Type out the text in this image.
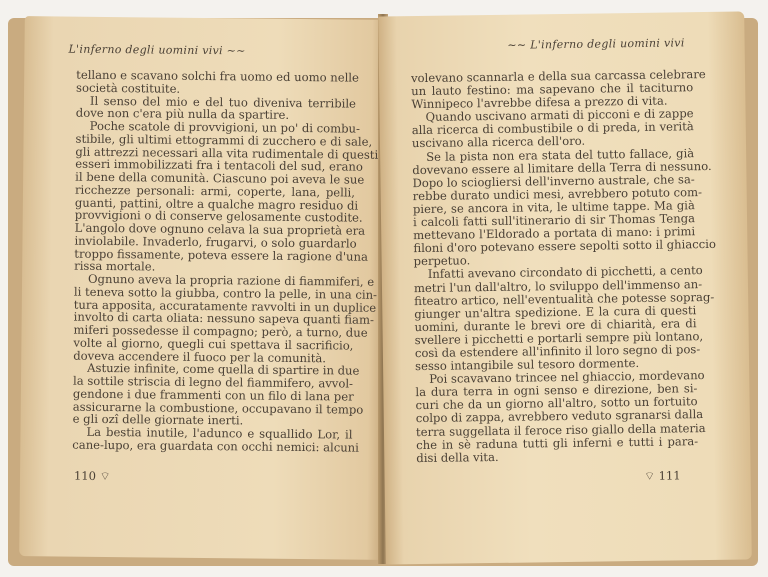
L'inferno degli uomini vivi ∼∼
tellano e scavano solchi fra uomo ed uomo nelle
società costituite.
Il senso del mio e del tuo diveniva terribile
dove non c'era più nulla da spartire.
Poche scatole di provvigioni, un po' di combu-
stibile, gli ultimi ettogrammi di zucchero e di sale,
gli attrezzi necessari alla vita rudimentale di questi
esseri immobilizzati fra i tentacoli del sud, erano
il bene della comunità. Ciascuno poi aveva le sue
ricchezze personali: armi, coperte, lana, pelli,
guanti, pattini, oltre a qualche magro residuo di
provvigioni o di conserve gelosamente custodite.
L'angolo dove ognuno celava la sua proprietà era
inviolabile. Invaderlo, frugarvi, o solo guardarlo
troppo fissamente, poteva essere la ragione d'una
rissa mortale.
Ognuno aveva la propria razione di fiammiferi, e
li teneva sotto la giubba, contro la pelle, in una cin-
tura apposita, accuratamente ravvolti in un duplice
involto di carta oliata: nessuno sapeva quanti fiam-
miferi possedesse il compagno; però, a turno, due
volte al giorno, quegli cui spettava il sacrificio,
doveva accendere il fuoco per la comunità.
Astuzie infinite, come quella di spartire in due
la sottile striscia di legno del fiammifero, avvol-
gendone i due frammenti con un filo di lana per
assicurarne la combustione, occupavano il tempo
e gli ozî delle giornate inerti.
La bestia inutile, l'adunco e squallido Lor, il
cane-lupo, era guardata con occhi nemici: alcuni
110 ⌔
∼∼ L'inferno degli uomini vivi
volevano scannarla e della sua carcassa celebrare
un lauto festino: ma sapevano che il taciturno
Winnipeco l'avrebbe difesa a prezzo di vita.
Quando uscivano armati di picconi e di zappe
alla ricerca di combustibile o di preda, in verità
uscivano alla ricerca dell'oro.
Se la pista non era stata del tutto fallace, già
dovevano essere al limitare della Terra di nessuno.
Dopo lo sciogliersi dell'inverno australe, che sa-
rebbe durato undici mesi, avrebbero potuto com-
piere, se ancora in vita, le ultime tappe. Ma già
i calcoli fatti sull'itinerario di sir Thomas Tenga
mettevano l'Eldorado a portata di mano: i primi
filoni d'oro potevano essere sepolti sotto il ghiaccio
perpetuo.
Infatti avevano circondato di picchetti, a cento
metri l'un dall'altro, lo sviluppo dell'immenso an-
fiteatro artico, nell'eventualità che potesse soprag-
giunger un'altra spedizione. E la cura di questi
uomini, durante le brevi ore di chiarità, era di
svellere i picchetti e portarli sempre più lontano,
così da estendere all'infinito il loro segno di pos-
sesso intangibile sul tesoro dormente.
Poi scavavano trincee nel ghiaccio, mordevano
la dura terra in ogni senso e direzione, ben si-
curi che da un giorno all'altro, sotto un fortuito
colpo di zappa, avrebbero veduto sgranarsi dalla
terra suggellata il feroce riso giallo della materia
che in sè raduna tutti gli inferni e tutti i para-
disi della vita.
⌔ 111
